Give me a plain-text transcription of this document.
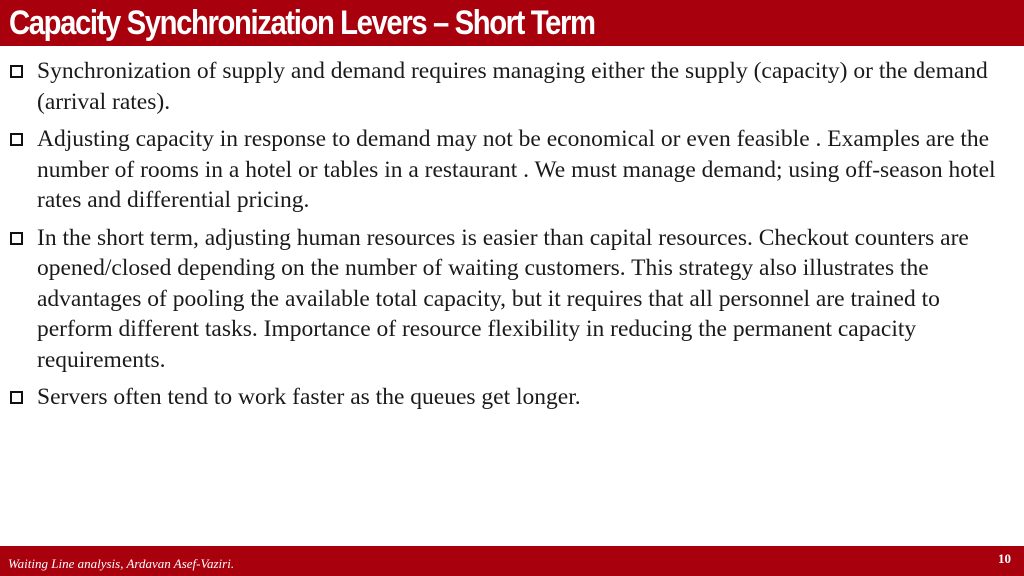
Capacity Synchronization Levers – Short Term
Synchronization of supply and demand requires managing either the supply (capacity) or the demand (arrival rates).
Adjusting capacity in response to demand may not be economical or even feasible . Examples are the number of rooms in a hotel or tables in a restaurant . We must manage demand; using off-season hotel rates and differential pricing.
In the short term, adjusting human resources is easier than capital resources. Checkout counters are opened/closed depending on the number of waiting customers. This strategy also illustrates the advantages of pooling the available total capacity, but it requires that all personnel are trained to perform different tasks. Importance of resource flexibility in reducing the permanent capacity requirements.
Servers often tend to work faster as the queues get longer.
Waiting Line analysis, Ardavan Asef-Vaziri.	10
